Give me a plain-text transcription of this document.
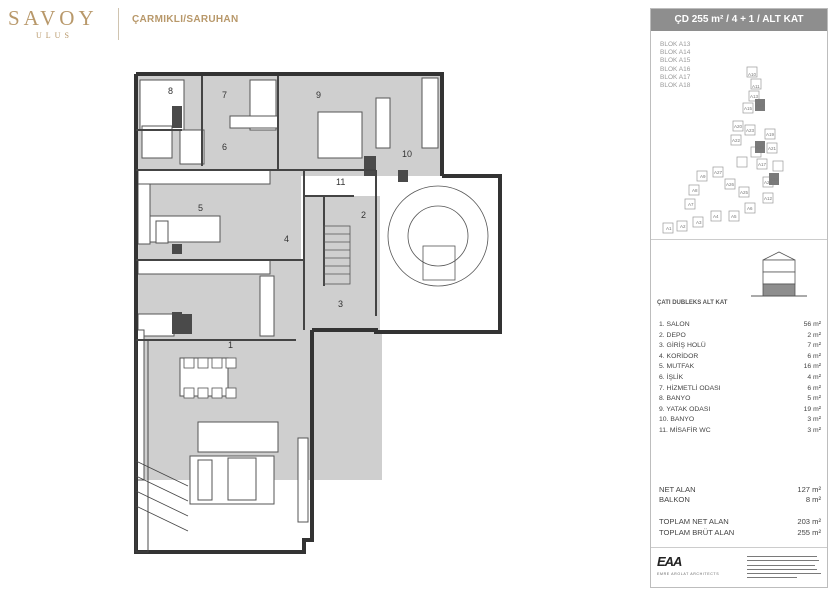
SAVOY
ULUS
ÇARMIKLI/SARUHAN
1
2
3
4
5
6
7
8	9
10
11
ÇD 255 m² / 4 + 1 / ALT KAT
A1 A2
A3
A4	A5
A6
A7
A8
A9
A10
A11
A12
A13
A14
A15
A16
A17
A18
A19
A20
A21
A22
A23
A24
A25
A26
A27
BLOK A13
BLOK A14
BLOK A15
BLOK A16
BLOK A17
BLOK A18
ÇATI DUBLEKS ALT KAT
1. SALON	56 m²
2. DEPO	2 m²
3. GİRİŞ HOLÜ	7 m²
4. KORİDOR	6 m²
5. MUTFAK	16 m²
6. İŞLİK	4 m²
7. HİZMETLİ ODASI	6 m²
8. BANYO	5 m²
9. YATAK ODASI	19 m²
10. BANYO	3 m²
11. MİSAFİR WC	3 m²
NET ALAN	127 m²
BALKON	8 m²
TOPLAM NET ALAN	203 m²
TOPLAM BRÜT ALAN	255 m²
EAA
EMRE AROLAT ARCHITECTS
